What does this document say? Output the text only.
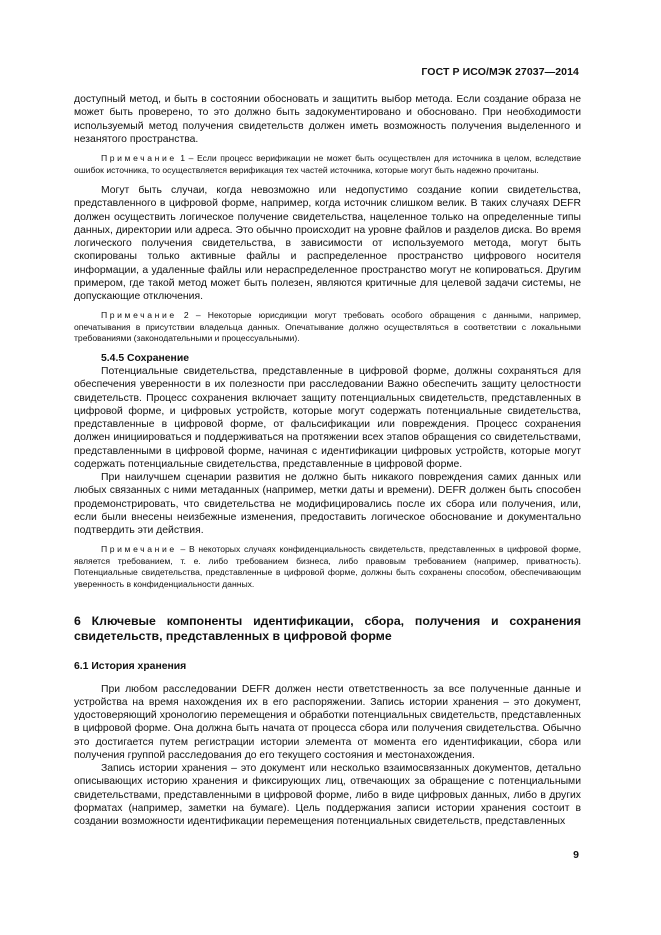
ГОСТ Р ИСО/МЭК 27037—2014

доступный метод, и быть в состоянии обосновать и защитить выбор метода. Если создание образа не может быть проверено, то это должно быть задокументировано и обосновано. При необходимости используемый метод получения свидетельств должен иметь возможность получения выделенного и незанятого пространства.

Примечание 1 – Если процесс верификации не может быть осуществлен для источника в целом, вследствие ошибок источника, то осуществляется верификация тех частей источника, которые могут быть надежно прочитаны.

Могут быть случаи, когда невозможно или недопустимо создание копии свидетельства, представленного в цифровой форме, например, когда источник слишком велик. В таких случаях DEFR должен осуществить логическое получение свидетельства, нацеленное только на определенные типы данных, директории или адреса. Это обычно происходит на уровне файлов и разделов диска. Во время логического получения свидетельства, в зависимости от используемого метода, могут быть скопированы только активные файлы и распределенное пространство цифрового носителя информации, а удаленные файлы или нераспределенное пространство могут не копироваться. Другим примером, где такой метод может быть полезен, являются критичные для целевой задачи системы, не допускающие отключения.

Примечание 2 – Некоторые юрисдикции могут требовать особого обращения с данными, например, опечатывания в присутствии владельца данных. Опечатывание должно осуществляться в соответствии с локальными требованиями (законодательными и процессуальными).

5.4.5 Сохранение

Потенциальные свидетельства, представленные в цифровой форме, должны сохраняться для обеспечения уверенности в их полезности при расследовании Важно обеспечить защиту целостности свидетельств. Процесс сохранения включает защиту потенциальных свидетельств, представленных в цифровой форме, и цифровых устройств, которые могут содержать потенциальные свидетельства, представленные в цифровой форме, от фальсификации или повреждения. Процесс сохранения должен инициироваться и поддерживаться на протяжении всех этапов обращения со свидетельствами, представленными в цифровой форме, начиная с идентификации цифровых устройств, которые могут содержать потенциальные свидетельства, представленные в цифровой форме.

При наилучшем сценарии развития не должно быть никакого повреждения самих данных или любых связанных с ними метаданных (например, метки даты и времени). DEFR должен быть способен продемонстрировать, что свидетельства не модифицировались после их сбора или получения, или, если были внесены неизбежные изменения, предоставить логическое обоснование и документально подтвердить эти действия.

Примечание – В некоторых случаях конфиденциальность свидетельств, представленных в цифровой форме, является требованием, т. е. либо требованием бизнеса, либо правовым требованием (например, приватность). Потенциальные свидетельства, представленные в цифровой форме, должны быть сохранены способом, обеспечивающим уверенность в конфиденциальности данных.

6 Ключевые компоненты идентификации, сбора, получения и сохранения свидетельств, представленных в цифровой форме
6.1 История хранения

При любом расследовании DEFR должен нести ответственность за все полученные данные и устройства на время нахождения их в его распоряжении. Запись истории хранения – это документ, удостоверяющий хронологию перемещения и обработки потенциальных свидетельств, представленных в цифровой форме. Она должна быть начата от процесса сбора или получения свидетельства. Обычно это достигается путем регистрации истории элемента от момента его идентификации, сбора или получения группой расследования до его текущего состояния и местонахождения.

Запись истории хранения – это документ или несколько взаимосвязанных документов, детально описывающих историю хранения и фиксирующих лиц, отвечающих за обращение с потенциальными свидетельствами, представленными в цифровой форме, либо в виде цифровых данных, либо в других форматах (например, заметки на бумаге). Цель поддержания записи истории хранения состоит в создании возможности идентификации перемещения потенциальных свидетельств, представленных

9
